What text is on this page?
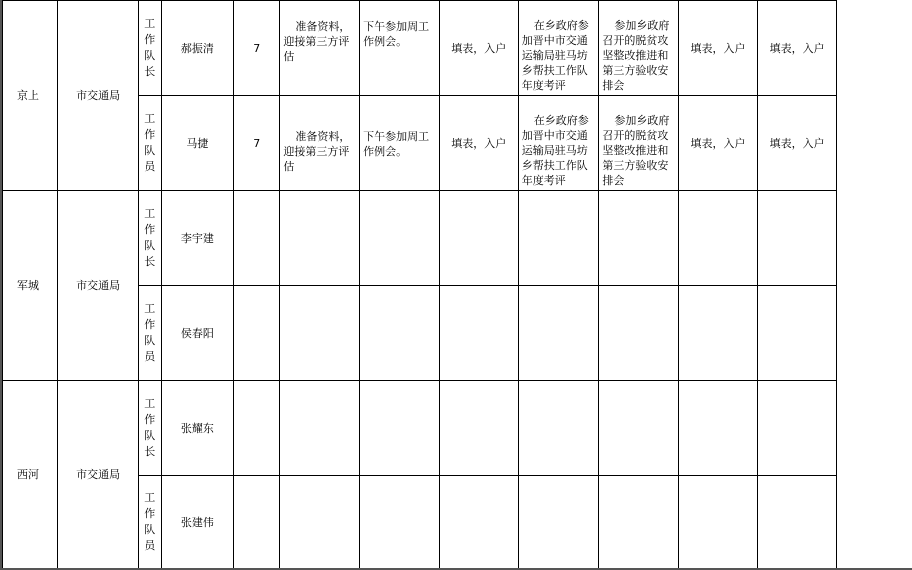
京上	市交通局	工作队长	郝振清	7	准备资料，迎接第三方评估	下午参加周工作例会。	填表，入户	在乡政府参加晋中市交通运输局驻马坊乡帮扶工作队年度考评	参加乡政府召开的脱贫攻坚整改推进和第三方验收安排会	填表，入户	填表，入户

		工作队员	马捷	7	准备资料，迎接第三方评估	下午参加周工作例会。	填表，入户	在乡政府参加晋中市交通运输局驻马坊乡帮扶工作队年度考评	参加乡政府召开的脱贫攻坚整改推进和第三方验收安排会	填表，入户	填表，入户
军城	市交通局	工作队长	李宇建								

		工作队员	侯春阳								
西河	市交通局	工作队长	张耀东								

		工作队员	张建伟								
